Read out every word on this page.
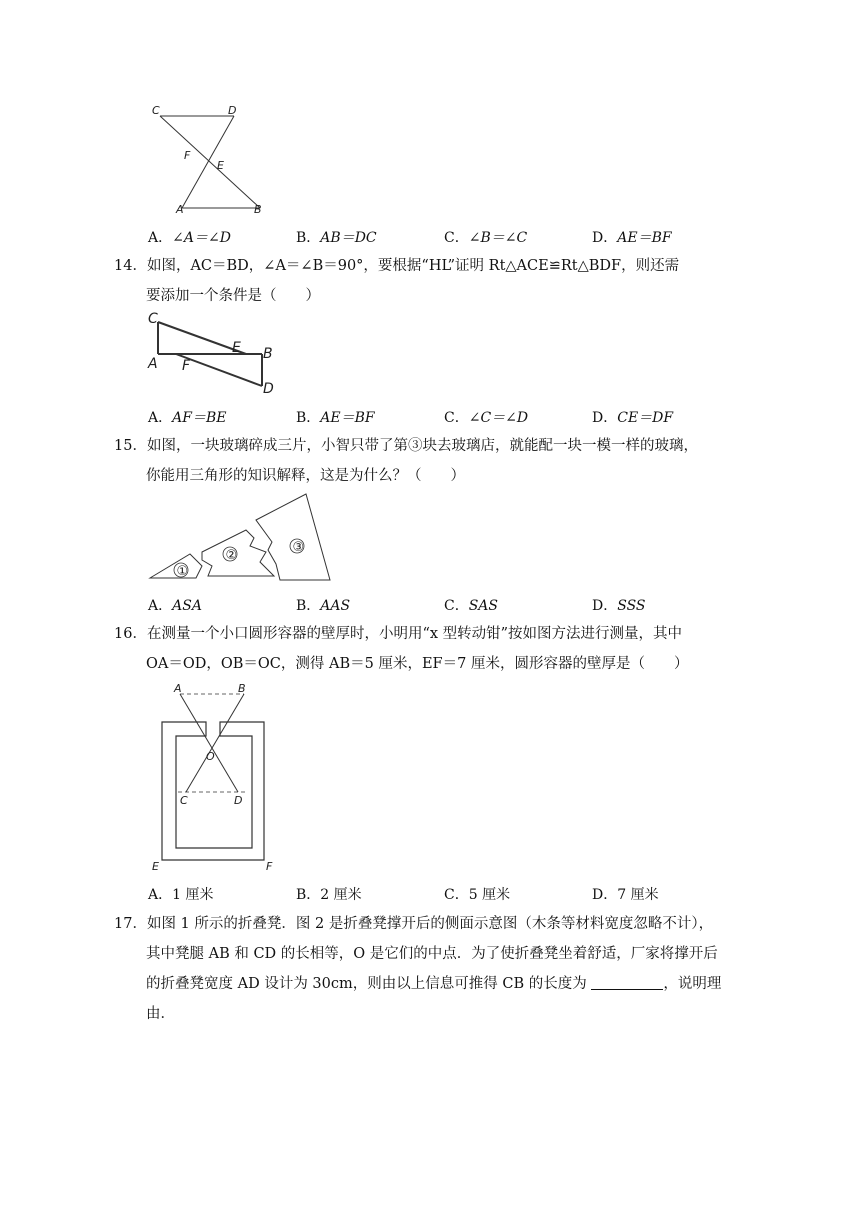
C	D
F
E
A	B
A．∠A＝∠D	B．AB＝DC	C．∠B＝∠C	D．AE＝BF
14．如图，AC＝BD，∠A＝∠B＝90°，要根据“HL”证明 Rt△ACE≌Rt△BDF，则还需
要添加一个条件是（　　）
C
A F
E B
D
A．AF＝BE	B．AE＝BF	C．∠C＝∠D	D．CE＝DF
15．如图，一块玻璃碎成三片，小智只带了第③块去玻璃店，就能配一块一模一样的玻璃，
你能用三角形的知识解释，这是为什么？（　　）
①
②
③
A．ASA	B．AAS	C．SAS	D．SSS
16．在测量一个小口圆形容器的壁厚时，小明用“x 型转动钳”按如图方法进行测量，其中
OA＝OD，OB＝OC，测得 AB＝5 厘米，EF＝7 厘米，圆形容器的壁厚是（　　）
A	B
O
C	D
E	F
A．1 厘米	B．2 厘米	C．5 厘米	D．7 厘米
17．如图 1 所示的折叠凳．图 2 是折叠凳撑开后的侧面示意图（木条等材料宽度忽略不计），
其中凳腿 AB 和 CD 的长相等，O 是它们的中点．为了使折叠凳坐着舒适，厂家将撑开后
的折叠凳宽度 AD 设计为 30cm，则由以上信息可推得 CB 的长度为	，说明理
由．
